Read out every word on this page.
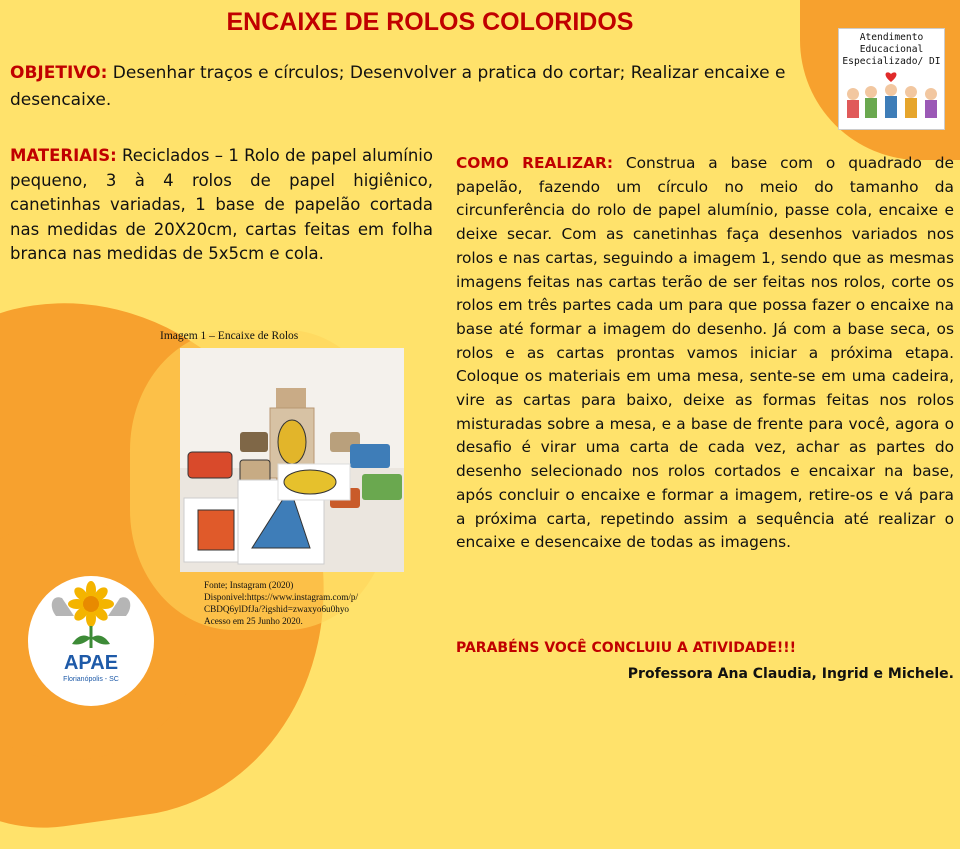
ENCAIXE DE ROLOS COLORIDOS
OBJETIVO: Desenhar traços e círculos; Desenvolver a pratica do cortar; Realizar encaixe e desencaixe.
MATERIAIS: Reciclados – 1 Rolo de papel alumínio pequeno, 3 à 4 rolos de papel higiênico, canetinhas variadas, 1 base de papelão cortada nas medidas de 20X20cm, cartas feitas em folha branca nas medidas de 5x5cm e cola.
Imagem 1 – Encaixe de Rolos
Fonte; Instagram (2020)
Disponivel:https://www.instagram.com/p/
CBDQ6ylDfJa/?igshid=zwaxyo6u0hyo
Acesso em 25 Junho 2020.
COMO REALIZAR: Construa a base com o quadrado de papelão, fazendo um círculo no meio do tamanho da circunferência do rolo de papel alumínio, passe cola, encaixe e deixe secar. Com as canetinhas faça desenhos variados nos rolos e nas cartas, seguindo a imagem 1, sendo que as mesmas imagens feitas nas cartas terão de ser feitas nos rolos, corte os rolos em três partes cada um para que possa fazer o encaixe na base até formar a imagem do desenho. Já com a base seca, os rolos e as cartas prontas vamos iniciar a próxima etapa. Coloque os materiais em uma mesa, sente-se em uma cadeira, vire as cartas para baixo, deixe as formas feitas nos rolos misturadas sobre a mesa, e a base de frente para você, agora o desafio é virar uma carta de cada vez, achar as partes do desenho selecionado nos rolos cortados e encaixar na base, após concluir o encaixe e formar a imagem, retire-os e vá para a próxima carta, repetindo assim a sequência até realizar o encaixe e desencaixe de todas as imagens.
PARABÉNS VOCÊ CONCLUIU A ATIVIDADE!!!
Professora Ana Claudia, Ingrid e Michele.
Atendimento
Educacional
Especializado/ DI
APAE
Florianópolis - SC
